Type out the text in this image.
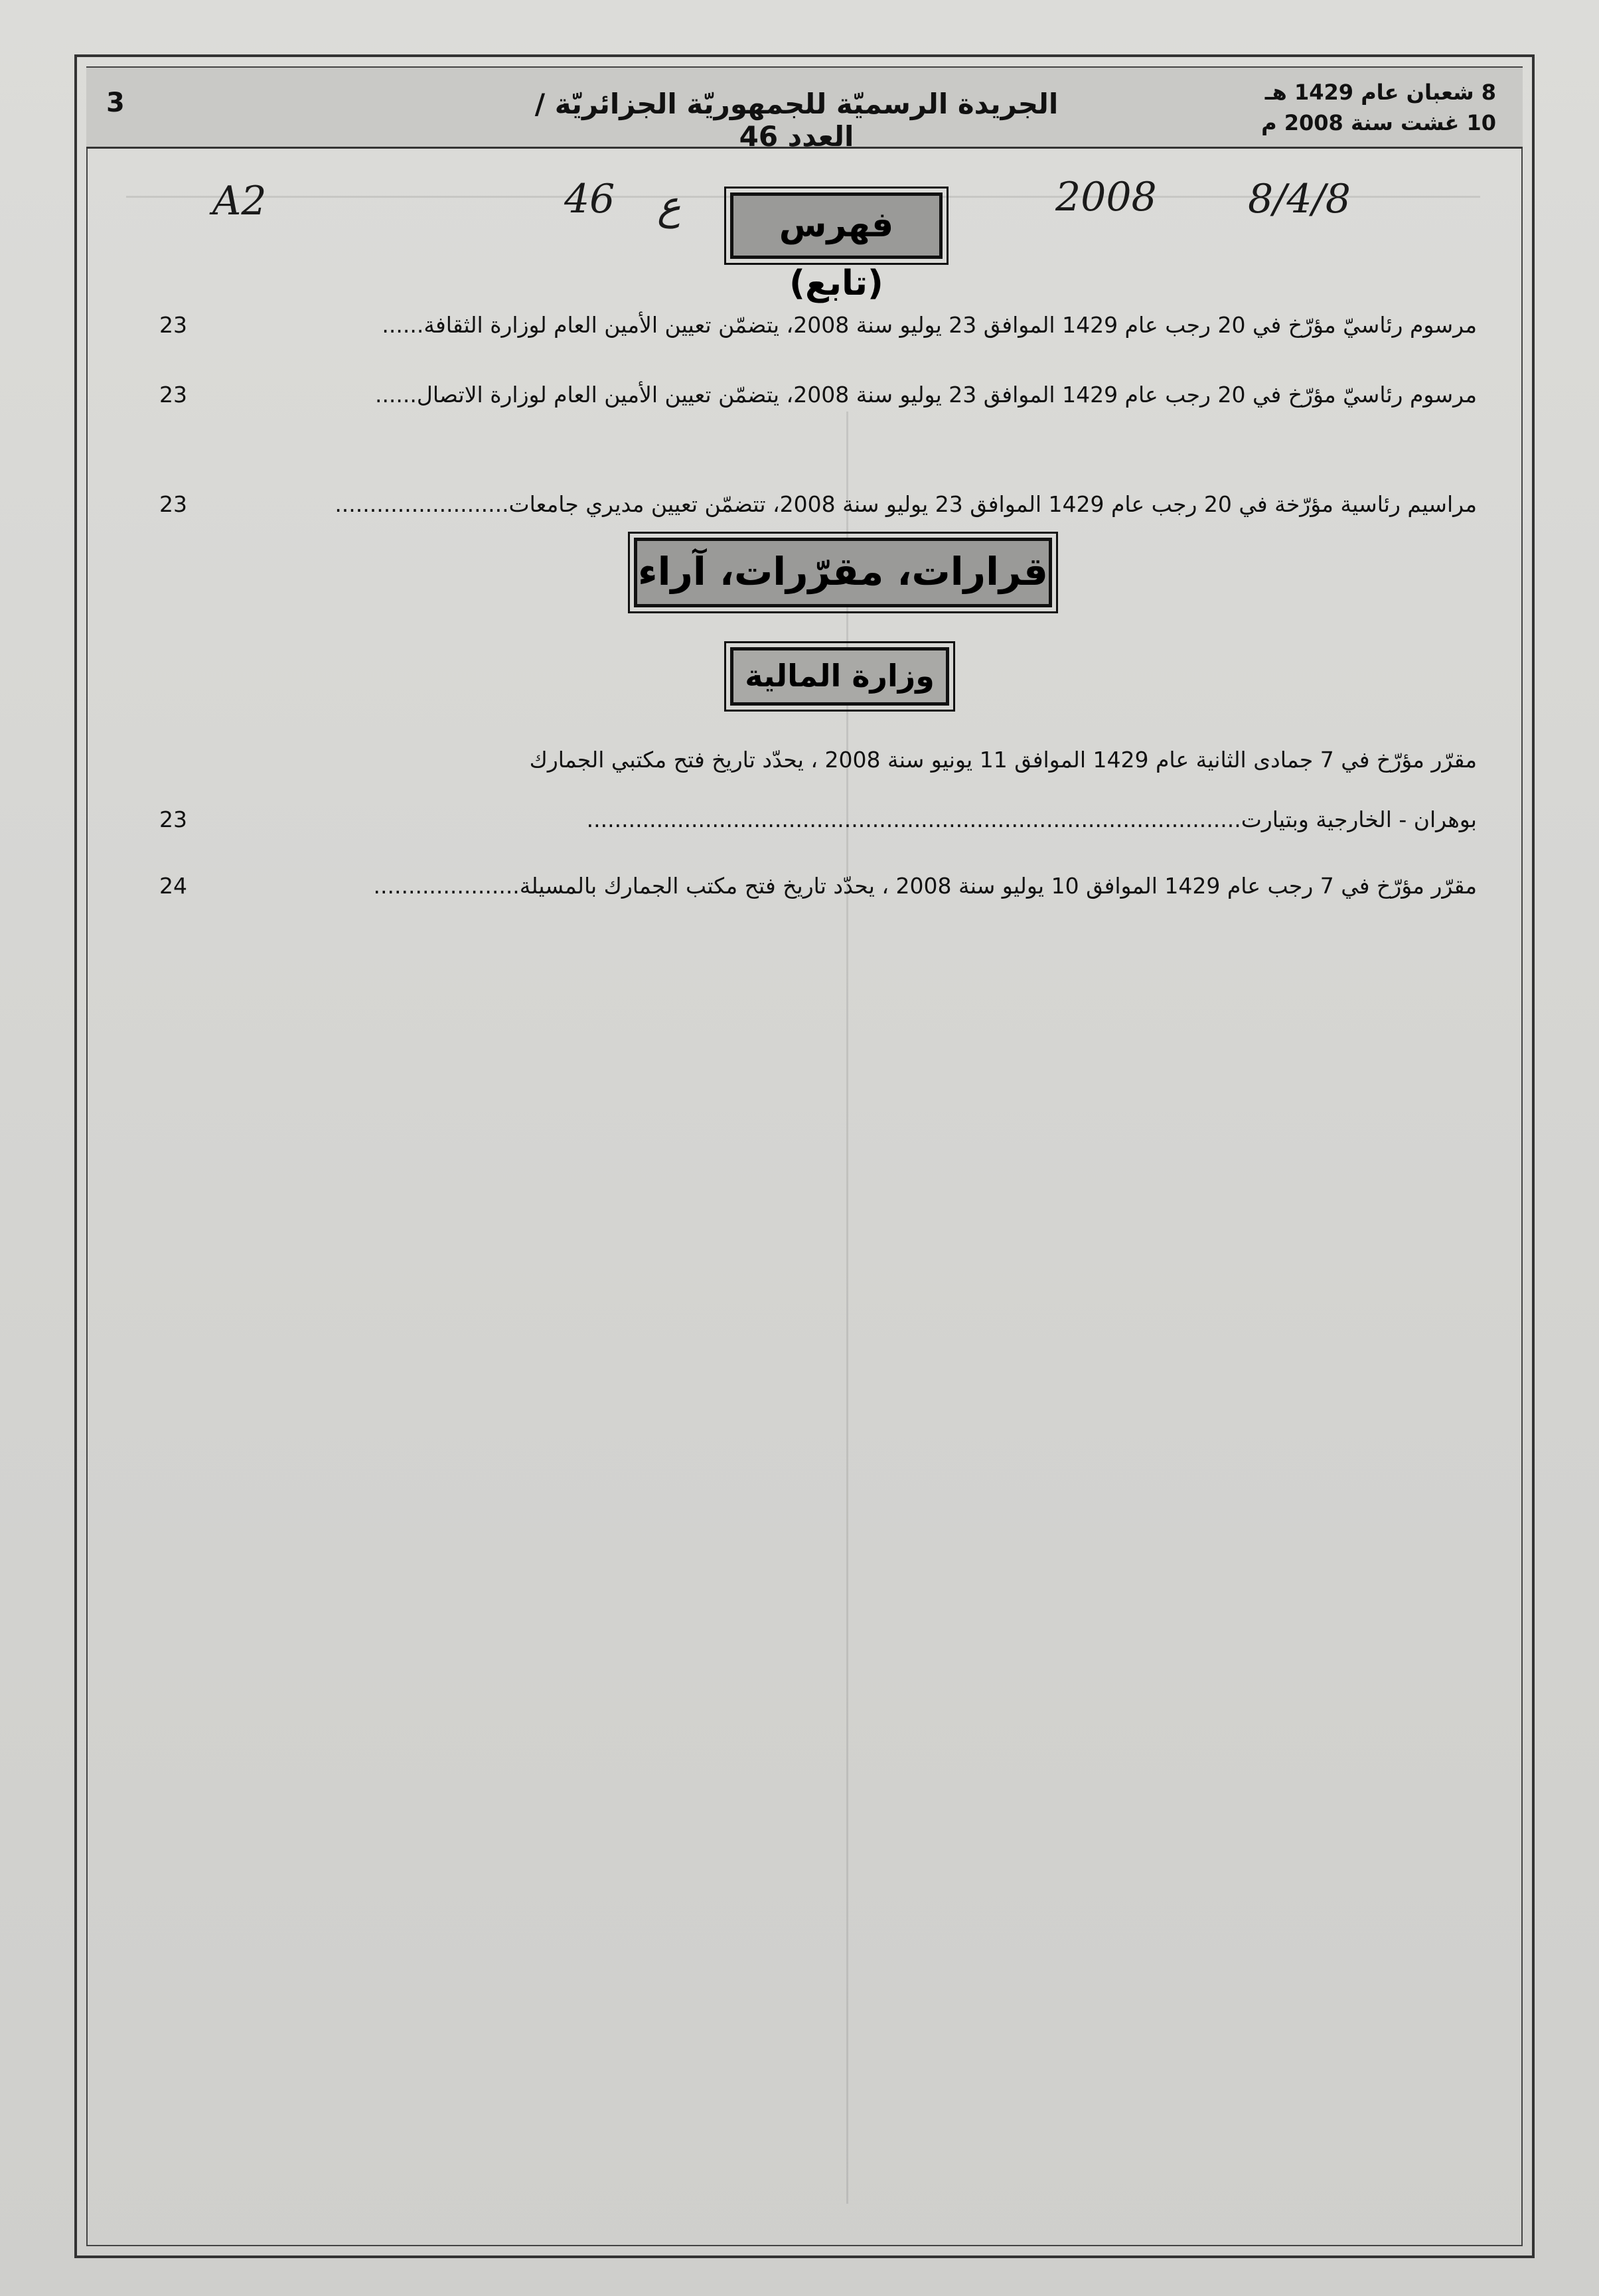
8 شعبان عام 1429 هـ
10 غشت سنة 2008 م
الجريدة الرسميّة للجمهوريّة الجزائريّة / العدد 46
3
A2	46 ع	2008 8/4/8
فهرس (تابع)
مرسوم رئاسيّ مؤرّخ في 20 رجب عام 1429 الموافق 23 يوليو سنة 2008، يتضمّن تعيين الأمين العام لوزارة الثقافة......
23
مرسوم رئاسيّ مؤرّخ في 20 رجب عام 1429 الموافق 23 يوليو سنة 2008، يتضمّن تعيين الأمين العام لوزارة الاتصال......
23
مراسيم رئاسية مؤرّخة في 20 رجب عام 1429 الموافق 23 يوليو سنة 2008، تتضمّن تعيين مديري جامعات.........................
23
قرارات، مقرّرات، آراء
وزارة المالية
مقرّر مؤرّخ في 7 جمادى الثانية عام 1429 الموافق 11 يونيو سنة 2008 ، يحدّد تاريخ فتح مكتبي الجمارك
بوهران - الخارجية وبتيارت..............................................................................................
23
مقرّر مؤرّخ في 7 رجب عام 1429 الموافق 10 يوليو سنة 2008 ، يحدّد تاريخ فتح مكتب الجمارك بالمسيلة.....................
24
